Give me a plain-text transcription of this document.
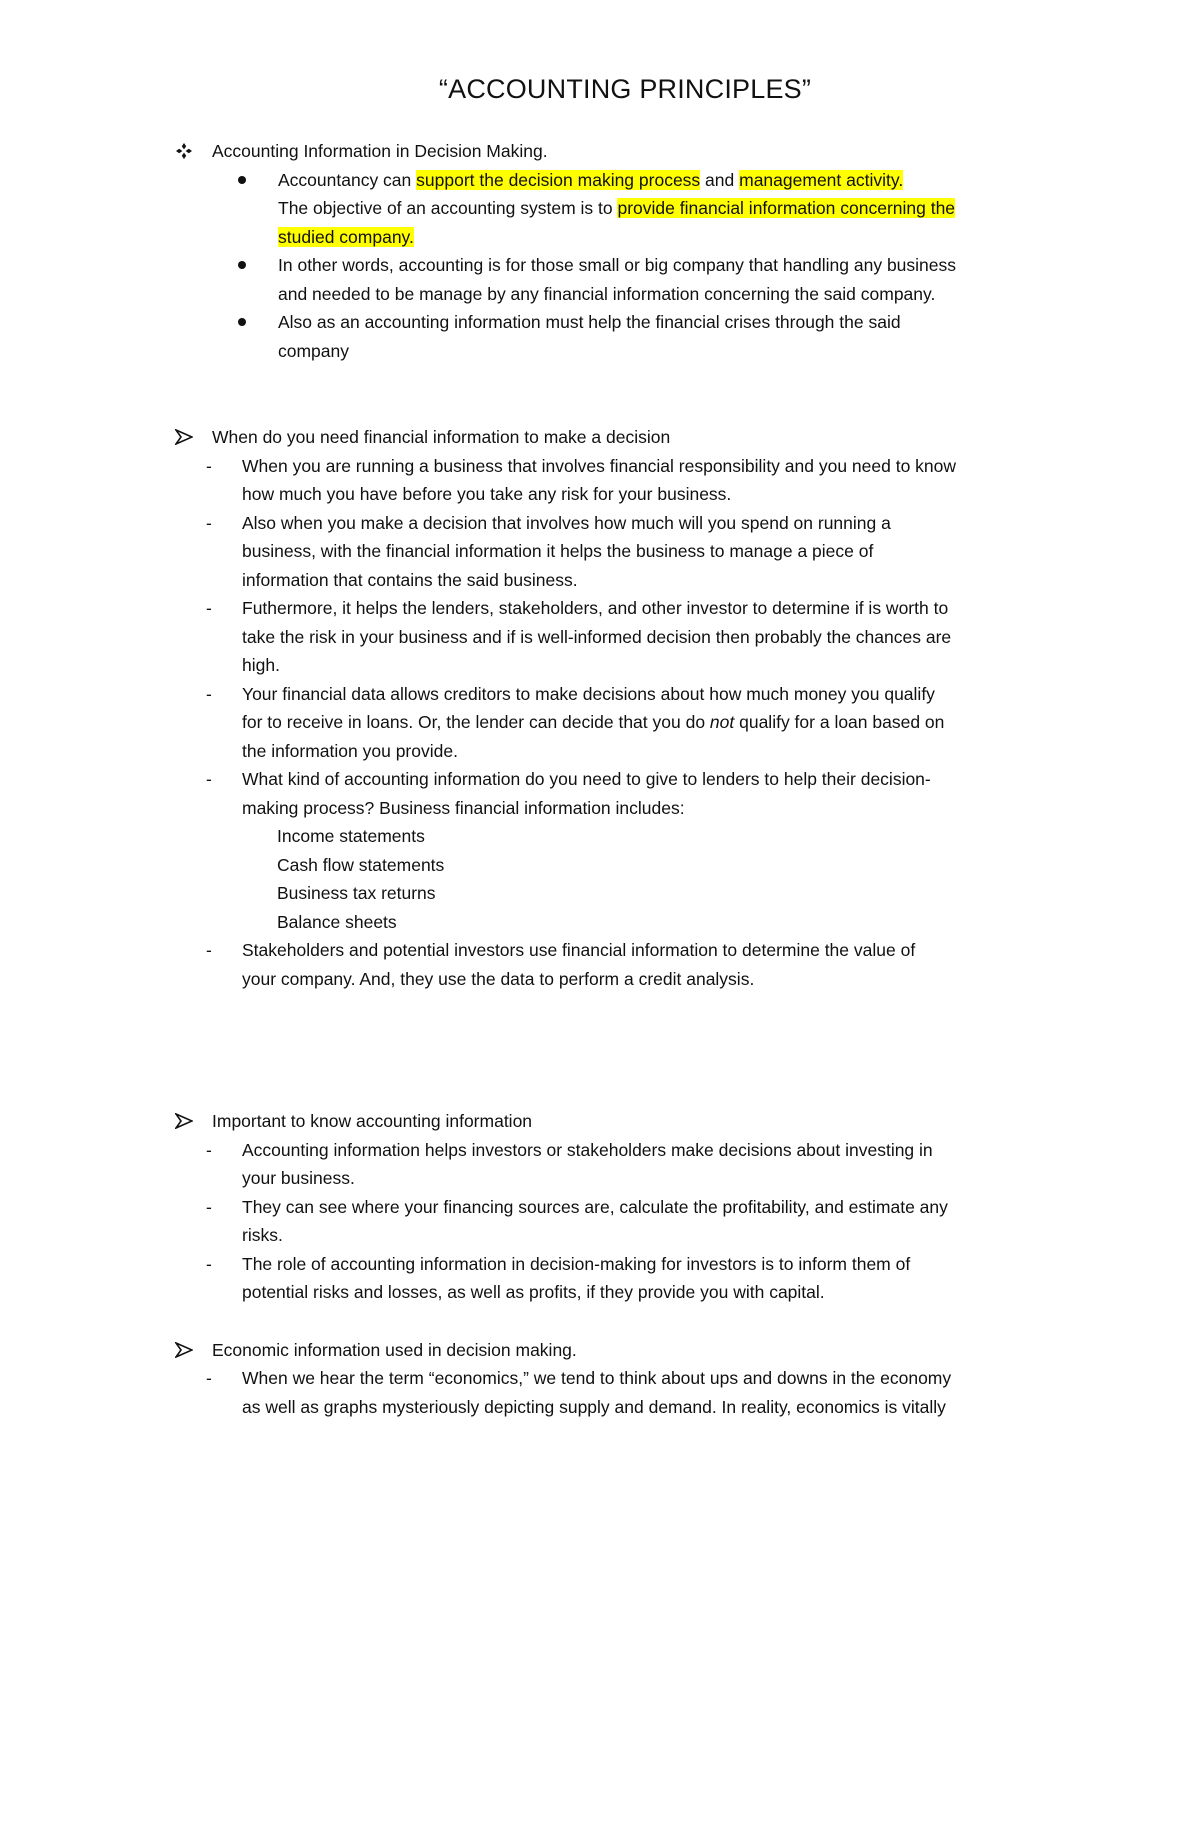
“ACCOUNTING PRINCIPLES”
Accounting Information in Decision Making.
Accountancy can support the decision making process and management activity.
The objective of an accounting system is to provide financial information concerning the
studied company.
In other words, accounting is for those small or big company that handling any business
and needed to be manage by any financial information concerning the said company.
Also as an accounting information must help the financial crises through the said
company
When do you need financial information to make a decision
- When you are running a business that involves financial responsibility and you need to know
how much you have before you take any risk for your business.
- Also when you make a decision that involves how much will you spend on running a
business, with the financial information it helps the business to manage a piece of
information that contains the said business.
- Futhermore, it helps the lenders, stakeholders, and other investor to determine if is worth to
take the risk in your business and if is well-informed decision then probably the chances are
high.
- Your financial data allows creditors to make decisions about how much money you qualify
for to receive in loans. Or, the lender can decide that you do not qualify for a loan based on
the information you provide.
- What kind of accounting information do you need to give to lenders to help their decision-
making process? Business financial information includes:
Income statements
Cash flow statements
Business tax returns
Balance sheets
- Stakeholders and potential investors use financial information to determine the value of
your company. And, they use the data to perform a credit analysis.
Important to know accounting information
- Accounting information helps investors or stakeholders make decisions about investing in
your business.
- They can see where your financing sources are, calculate the profitability, and estimate any
risks.
- The role of accounting information in decision-making for investors is to inform them of
potential risks and losses, as well as profits, if they provide you with capital.
Economic information used in decision making.
- When we hear the term “economics,” we tend to think about ups and downs in the economy
as well as graphs mysteriously depicting supply and demand. In reality, economics is vitally
